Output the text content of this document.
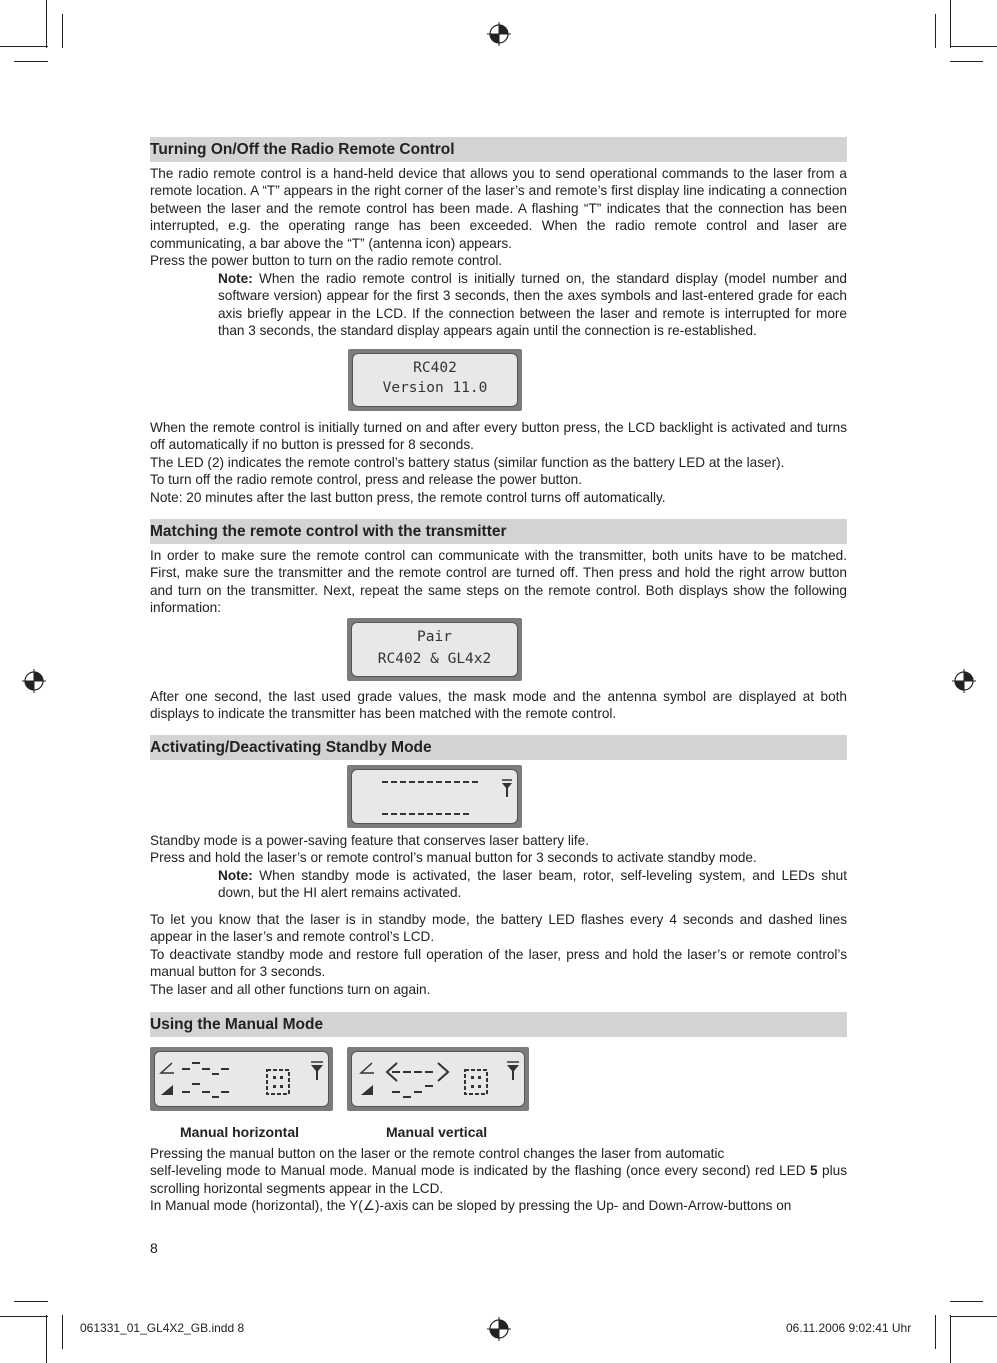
Turning On/Off the Radio Remote Control

The radio remote control is a hand-held device that allows you to send operational commands to the laser from a remote location. A “T” appears in the right corner of the laser’s and remote’s first display line indicating a connection between the laser and the remote control has been made. A flashing “T” indicates that the connection has been interrupted, e.g. the operating range has been exceeded. When the radio remote control and laser are communicating, a bar above the “T” (antenna icon) appears.

Press the power button to turn on the radio remote control.

Note: When the radio remote control is initially turned on, the standard display (model number and software version) appear for the first 3 seconds, then the axes symbols and last-entered grade for each axis briefly appear in the LCD. If the connection between the laser and remote is interrupted for more than 3 seconds, the standard display appears again until the connection is re-established.
RC402
Version 11.0

When the remote control is initially turned on and after every button press, the LCD backlight is activated and turns off automatically if no button is pressed for 8 seconds.

The LED (2) indicates the remote control’s battery status (similar function as the battery LED at the laser).

To turn off the radio remote control, press and release the power button.

Note: 20 minutes after the last button press, the remote control turns off automatically.

Matching the remote control with the transmitter

In order to make sure the remote control can communicate with the transmitter, both units have to be matched. First, make sure the transmitter and the remote control are turned off. Then press and hold the right arrow button and turn on the transmitter. Next, repeat the same steps on the remote control. Both displays show the following information:

Pair
RC402 & GL4x2

After one second, the last used grade values, the mask mode and the antenna symbol are displayed at both displays to indicate the transmitter has been matched with the remote control.

Activating/Deactivating Standby Mode

Standby mode is a power-saving feature that conserves laser battery life.

Press and hold the laser’s or remote control’s manual button for 3 seconds to activate standby mode.

Note: When standby mode is activated, the laser beam, rotor, self-leveling system, and LEDs shut down, but the HI alert remains activated.

To let you know that the laser is in standby mode, the battery LED flashes every 4 seconds and dashed lines appear in the laser’s and remote control’s LCD.

To deactivate standby mode and restore full operation of the laser, press and hold the laser’s or remote control’s manual button for 3 seconds.

The laser and all other functions turn on again.

Using the Manual Mode
Manual horizontal	Manual vertical

Pressing the manual button on the laser or the remote control changes the laser from automatic

self-leveling mode to Manual mode. Manual mode is indicated by the flashing (once every second) red LED 5 plus scrolling horizontal segments appear in the LCD.

In Manual mode (horizontal), the Y(∠)-axis can be sloped by pressing the Up- and Down-Arrow-buttons on

8
061331_01_GL4X2_GB.indd 8	06.11.2006 9:02:41 Uhr
